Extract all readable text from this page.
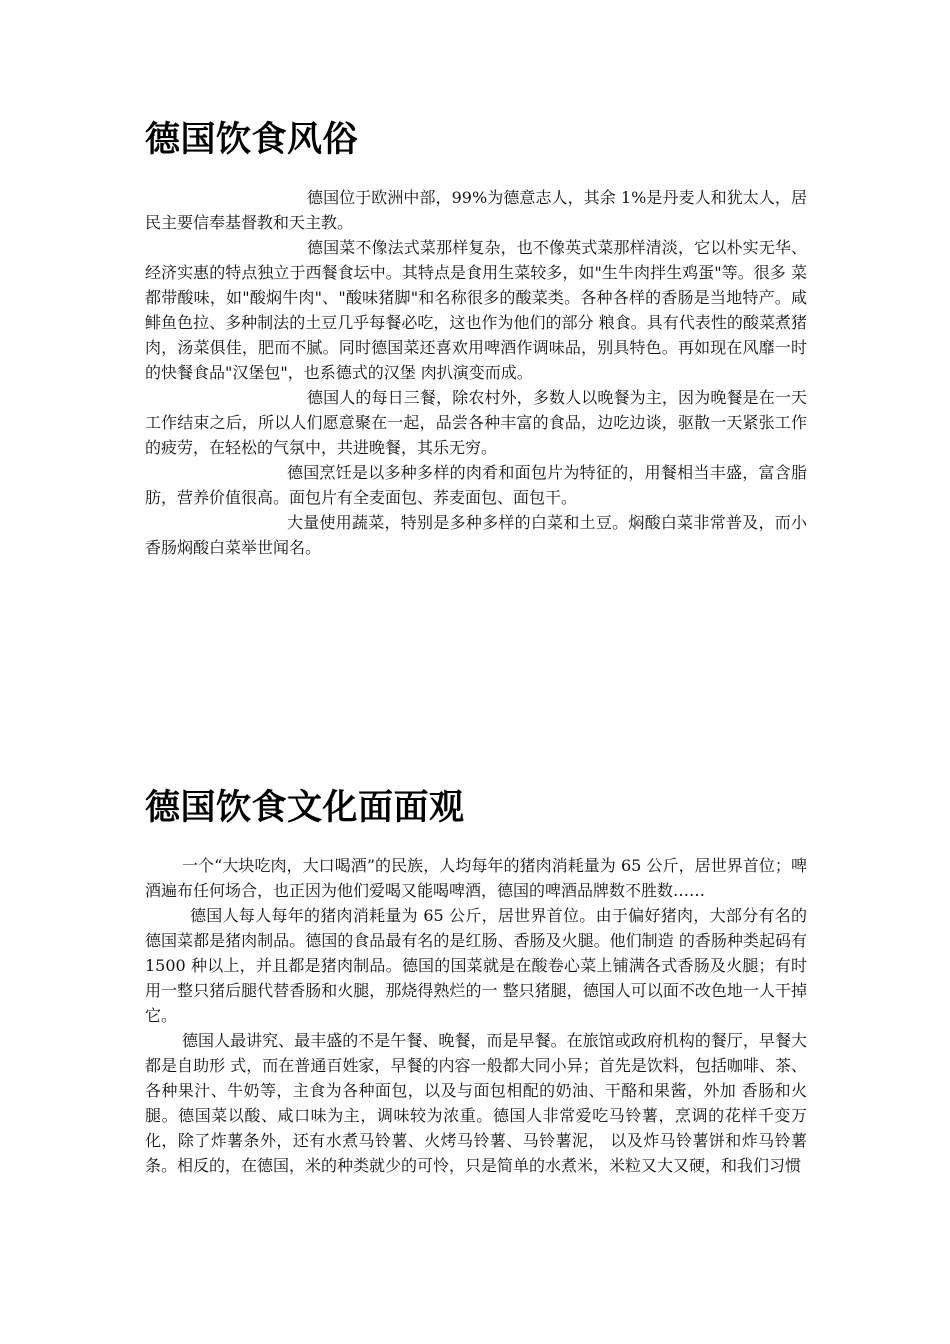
德国饮食风俗

德国位于欧洲中部，99%为德意志人，其余 1%是丹麦人和犹太人，居民主要信奉基督教和天主教。

德国菜不像法式菜那样复杂，也不像英式菜那样清淡，它以朴实无华、经济实惠的特点独立于西餐食坛中。其特点是食用生菜较多，如"生牛肉拌生鸡蛋"等。很多 菜都带酸味，如"酸焖牛肉"、"酸味猪脚"和名称很多的酸菜类。各种各样的香肠是当地特产。咸鲱鱼色拉、多种制法的土豆几乎每餐必吃，这也作为他们的部分 粮食。具有代表性的酸菜煮猪肉，汤菜俱佳，肥而不腻。同时德国菜还喜欢用啤酒作调味品，别具特色。再如现在风靡一时的快餐食品"汉堡包"，也系德式的汉堡 肉扒演变而成。

德国人的每日三餐，除农村外，多数人以晚餐为主，因为晚餐是在一天工作结束之后，所以人们愿意聚在一起，品尝各种丰富的食品，边吃边谈，驱散一天紧张工作的疲劳，在轻松的气氛中，共进晚餐，其乐无穷。

德国烹饪是以多种多样的肉肴和面包片为特征的，用餐相当丰盛，富含脂肪，营养价值很高。面包片有全麦面包、荞麦面包、面包干。

大量使用蔬菜，特别是多种多样的白菜和土豆。焖酸白菜非常普及，而小香肠焖酸白菜举世闻名。

德国饮食文化面面观

一个“大块吃肉，大口喝酒”的民族，人均每年的猪肉消耗量为 65 公斤，居世界首位；啤酒遍布任何场合，也正因为他们爱喝又能喝啤酒，德国的啤酒品牌数不胜数……

德国人每人每年的猪肉消耗量为 65 公斤，居世界首位。由于偏好猪肉，大部分有名的德国菜都是猪肉制品。德国的食品最有名的是红肠、香肠及火腿。他们制造 的香肠种类起码有 1500 种以上，并且都是猪肉制品。德国的国菜就是在酸卷心菜上铺满各式香肠及火腿；有时用一整只猪后腿代替香肠和火腿，那烧得熟烂的一 整只猪腿，德国人可以面不改色地一人干掉它。

德国人最讲究、最丰盛的不是午餐、晚餐，而是早餐。在旅馆或政府机构的餐厅，早餐大都是自助形 式，而在普通百姓家，早餐的内容一般都大同小异；首先是饮料，包括咖啡、茶、各种果汁、牛奶等，主食为各种面包，以及与面包相配的奶油、干酪和果酱，外加 香肠和火腿。德国菜以酸、咸口味为主，调味较为浓重。德国人非常爱吃马铃薯，烹调的花样千变万化，除了炸薯条外，还有水煮马铃薯、火烤马铃薯、马铃薯泥， 以及炸马铃薯饼和炸马铃薯条。相反的，在德国，米的种类就少的可怜，只是简单的水煮米，米粒又大又硬，和我们习惯
